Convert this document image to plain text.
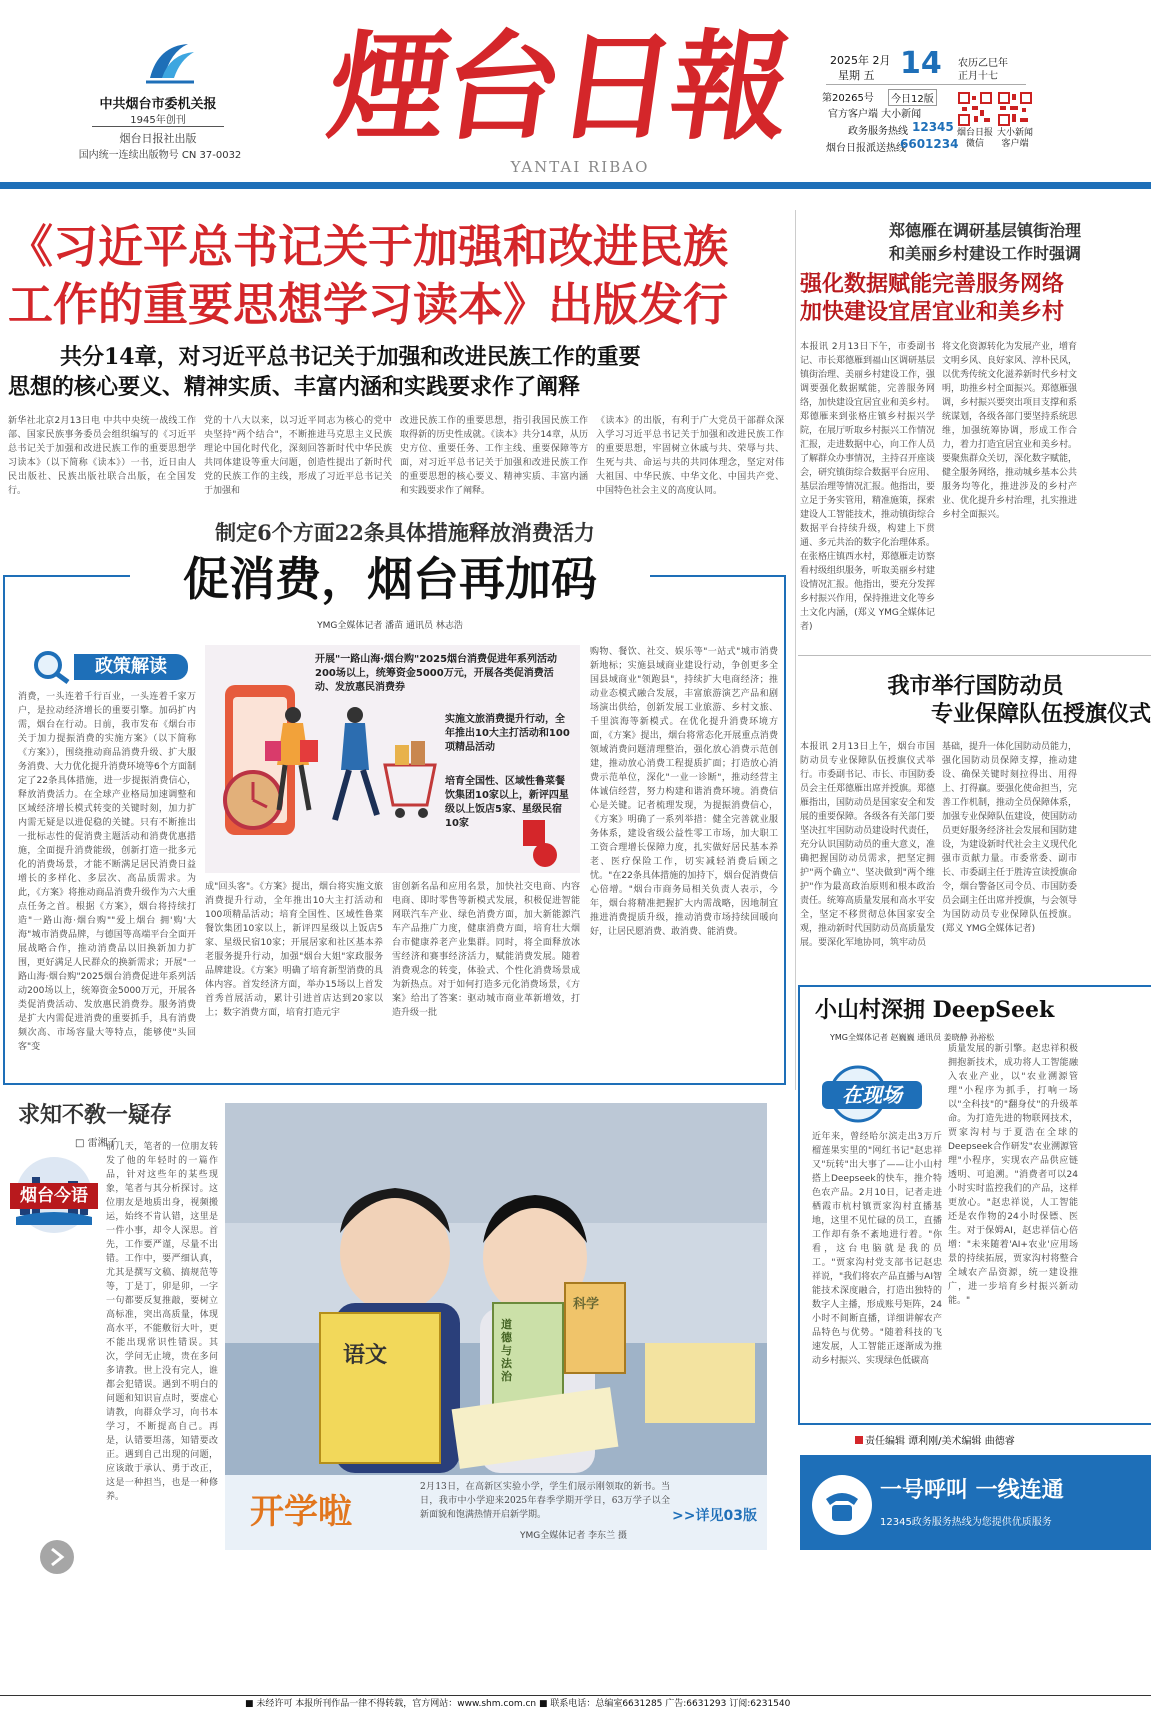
中共烟台市委机关报
1945年创刊
烟台日报社出版
国内统一连续出版物号 CN 37-0032 煙台日報
YANTAI RIBAO
2025年 2月
星期 五 14 农历乙巳年
正月十七
第20265号	今日12版
官方客户端 大小新闻
政务服务热线 12345
烟台日报派送热线
6601234
烟台日报 微信
大小新闻 客户端
《习近平总书记关于加强和改进民族
工作的重要思想学习读本》出版发行
共分14章，对习近平总书记关于加强和改进民族工作的重要
思想的核心要义、精神实质、丰富内涵和实践要求作了阐释
新华社北京2月13日电 中共中央统一战线工作部、国家民族事务委员会组织编写的《习近平总书记关于加强和改进民族工作的重要思想学习读本》（以下简称《读本》）一书，近日由人民出版社、民族出版社联合出版，在全国发行。
党的十八大以来，以习近平同志为核心的党中央坚持"两个结合"，不断推进马克思主义民族理论中国化时代化，深刻回答新时代中华民族共同体建设等重大问题，创造性提出了新时代党的民族工作的主线，形成了习近平总书记关于加强和
改进民族工作的重要思想，指引我国民族工作取得新的历史性成就。《读本》共分14章，从历史方位、重要任务、工作主线、重要保障等方面，对习近平总书记关于加强和改进民族工作的重要思想的核心要义、精神实质、丰富内涵和实践要求作了阐释。
《读本》的出版，有利于广大党员干部群众深入学习习近平总书记关于加强和改进民族工作的重要思想，牢固树立休戚与共、荣辱与共、生死与共、命运与共的共同体理念，坚定对伟大祖国、中华民族、中华文化、中国共产党、中国特色社会主义的高度认同。
制定6个方面22条具体措施释放消费活力
促消费，烟台再加码
YMG全媒体记者 潘苗 通讯员 林志浩
政策解读
消费，一头连着千行百业，一头连着千家万户，是拉动经济增长的重要引擎。加码扩内需，烟台在行动。日前，我市发布《烟台市关于加力提振消费的实施方案》（以下简称《方案》），围绕推动商品消费升级、扩大服务消费、大力优化提升消费环境等6个方面制定了22条具体措施，进一步提振消费信心，释放消费活力。在全球产业格局加速调整和区域经济增长模式转变的关键时刻，加力扩内需无疑是以进促稳的关键。只有不断推出一批标志性的促消费主题活动和消费优惠措施，全面提升消费能级，创新打造一批多元化的消费场景，才能不断满足居民消费日益增长的多样化、多层次、高品质需求。为此，《方案》将推动商品消费升级作为六大重点任务之首。根据《方案》，烟台将持续打造"一路山海·烟台购""爱上烟台 拥'购'大海"城市消费品牌，与德国等高端平台全面开展战略合作，推动消费品以旧换新加力扩围，更好满足人民群众的换新需求；开展"一路山海·烟台购"2025烟台消费促进年系列活动200场以上，统筹资金5000万元，开展各类促消费活动、发放惠民消费券。服务消费是扩大内需促进消费的重要抓手，具有消费频次高、市场容量大等特点，能够使"头回客"变
开展"一路山海·烟台购"2025烟台消费促进年系列活动200场以上，统筹资金5000万元，开展各类促消费活动、发放惠民消费券
实施文旅消费提升行动，全年推出10大主打活动和100项精品活动
培育全国性、区域性鲁菜餐饮集团10家以上，新评四星级以上饭店5家、星级民宿10家
成"回头客"。《方案》提出，烟台将实施文旅消费提升行动，全年推出10大主打活动和100项精品活动；培育全国性、区域性鲁菜餐饮集团10家以上，新评四星级以上饭店5家、星级民宿10家；开展居家和社区基本养老服务提升行动，加强"烟台大姐"家政服务品牌建设。《方案》明确了培育新型消费的具体内容。首发经济方面，举办15场以上首发首秀首展活动，累计引进首店达到20家以上；数字消费方面，培育打造元宇
宙创新名品和应用名景，加快社交电商、内容电商、即时零售等新模式发展，积极促进智能网联汽车产业、绿色消费方面，加大新能源汽车产品推广力度，健康消费方面，培育壮大烟台市健康养老产业集群。同时，将全面释放冰雪经济和赛事经济活力，赋能消费发展。随着消费观念的转变，体验式、个性化消费场景成为新热点。对于如何打造多元化消费场景，《方案》给出了答案：驱动城市商业革新增效，打造升级一批
购物、餐饮、社交、娱乐等"一站式"城市消费新地标；实施县域商业建设行动，争创更多全国县域商业"领跑县"，持续扩大电商经济；推动业态模式融合发展，丰富旅游演艺产品和剧场演出供给，创新发展工业旅游、乡村文旅、千里滨海等新模式。在优化提升消费环境方面，《方案》提出，烟台将常态化开展重点消费领域消费问题清理整治，强化放心消费示范创建，推动放心消费工程提质扩面；打造放心消费示范单位，深化"一业一诊断"，推动经营主体诚信经营，努力构建和谐消费环境。消费信心是关键。记者梳理发现，为提振消费信心，《方案》明确了一系列举措：健全完善就业服务体系，建设省级公益性零工市场，加大职工工资合理增长保障力度，扎实做好居民基本养老、医疗保险工作，切实减轻消费后顾之忧。"在22条具体措施的加持下，烟台促消费信心倍增。"烟台市商务局相关负责人表示，今年，烟台将精准把握扩大内需战略，因地制宜推进消费提质升级，推动消费市场持续回暖向好，让居民愿消费、敢消费、能消费。
郑德雁在调研基层镇街治理
和美丽乡村建设工作时强调
强化数据赋能完善服务网络
加快建设宜居宜业和美乡村
本报讯 2月13日下午，市委副书记、市长郑德雁到福山区调研基层镇街治理、美丽乡村建设工作，强调要强化数据赋能，完善服务网络，加快建设宜居宜业和美乡村。郑德雁来到张格庄镇乡村振兴学院，在展厅听取乡村振兴工作情况汇报，走进数据中心，向工作人员了解群众办事情况，主持召开座谈会，研究镇街综合数据平台应用、基层治理等情况汇报。他指出，要立足于务实管用，精准施策，探索建设人工智能技术，推动镇街综合数据平台持续升级，构建上下贯通、多元共治的数字化治理体系。在张格庄镇西水村，郑德雁走访察看村级组织服务，听取美丽乡村建设情况汇报。他指出，要充分发挥乡村振兴作用，保持推进文化等乡土文化内涵，(郑义 YMG全媒体记者)
将文化资源转化为发展产业，增育文明乡风、良好家风、淳朴民风，以优秀传统文化滋养新时代乡村文明，助推乡村全面振兴。郑德雁强调，乡村振兴要突出项目支撑和系统谋划，各级各部门要坚持系统思维，加强统筹协调，形成工作合力，着力打造宜居宜业和美乡村。要聚焦群众关切，深化数字赋能，健全服务网络，推动城乡基本公共服务均等化，推进涉及的乡村产业、优化提升乡村治理，扎实推进乡村全面振兴。
我市举行国防动员
专业保障队伍授旗仪式
本报讯 2月13日上午，烟台市国防动员专业保障队伍授旗仪式举行。市委副书记、市长、市国防委员会主任郑德雁出席并授旗。郑德雁指出，国防动员是国家安全和发展的重要保障。各级各有关部门要坚决扛牢国防动员建设时代责任，充分认识国防动员的重大意义，准确把握国防动员需求，把坚定拥护"两个确立"、坚决做到"两个维护"作为最高政治原则和根本政治责任。统筹高质量发展和高水平安全，坚定不移贯彻总体国家安全观，推动新时代国防动员高质量发展。要深化军地协同，筑牢动员
基础，提升一体化国防动员能力，强化国防动员保障支撑，推动建设、确保关键时刻拉得出、用得上、打得赢。要强化使命担当，完善工作机制，推动全员保障体系，加强专业保障队伍建设，使国防动员更好服务经济社会发展和国防建设，为建设新时代社会主义现代化强市贡献力量。市委常委、副市长、市委副主任于胜涛宣读授旗命令，烟台警备区司令员、市国防委员会副主任出席并授旗，与会领导为国防动员专业保障队伍授旗。(郑义 YMG全媒体记者)
小山村深拥 DeepSeek
YMG全媒体记者 赵巍巍 通讯员 姜晓静 孙裕松
在现场
近年来，曾经哈尔滨走出3万斤榴莲果实里的"网红书记"赵忠祥又"玩转"出大事了——让小山村搭上Deepseek的快车，推介特色农产品。2月10日，记者走进栖霞市杭村镇贾家沟村直播基地，这里不见忙碌的员工，直播工作却有条不紊地进行着。"你看，这台电脑就是我的员工。"贾家沟村党支部书记赵忠祥说，"我们将农产品直播与AI智能技术深度融合，打造出独特的数字人主播，形成账号矩阵，24小时不间断直播，详细讲解农产品特色与优势。"随着科技的飞速发展，人工智能正逐渐成为推动乡村振兴、实现绿色低碳高
质量发展的新引擎。赵忠祥积极拥抱新技术，成功将人工智能融入农业产业，以"农业溯源管理"小程序为抓手，打响一场以"全科技"的"翻身仗"的升级革命。为打造先进的物联网技术，贾家沟村与于夏浩在全球的Deepseek合作研发"农业溯源管理"小程序，实现农产品供应链透明、可追溯。"消费者可以24小时实时监控我们的产品，这样更放心。"赵忠祥说，人工智能还是农作物的24小时保镖、医生。对于保姆AI，赵忠祥信心倍增："未来随着'AI+农业'应用场景的持续拓展，贾家沟村将整合全域农产品资源，统一建设推广，进一步培育乡村振兴新动能。"
求知不敎一疑存
□ 雷湘子
烟台今语
前几天，笔者的一位朋友转发了他的年轻时的一篇作品，针对这些年的某些现象，笔者与其分析探讨。这位朋友是地质出身，视频搬运，始终不肯认错，这里是一件小事，却令人深思。首先，工作要严谨，尽量不出错。工作中，要严细认真，尤其是撰写文稿、搞规范等等，丁是丁，卯是卯，一字一句都要反复推敲，要树立高标准，突出高质量，体现高水平，不能敷衍大叶，更不能出现常识性错误。其次，学问无止境，贵在多问多请教。世上没有完人，谁都会犯错误。遇到不明白的问题和知识盲点时，要虚心请教，向群众学习，向书本学习，不断提高自己。再是，认错要坦荡，知错要改正。遇到自己出现的问题，应该敢于承认、勇于改正，这是一种担当，也是一种修养。
语文
科学
道德与法治
开学啦
2月13日，在高新区实验小学，学生们展示刚领取的新书。当日，我市中小学迎来2025年春季学期开学日，63万学子以全新面貌和饱满热情开启新学期。
YMG全媒体记者 李东兰 摄
>>详见03版
责任编辑 谭利刚/美术编辑 曲德睿
一号呼叫 一线连通
12345政务服务热线为您提供优质服务
■ 未经许可 本报所刊作品一律不得转载，官方网站：www.shm.com.cn ■ 联系电话：总编室6631285 广告:6631293 订阅:6231540
